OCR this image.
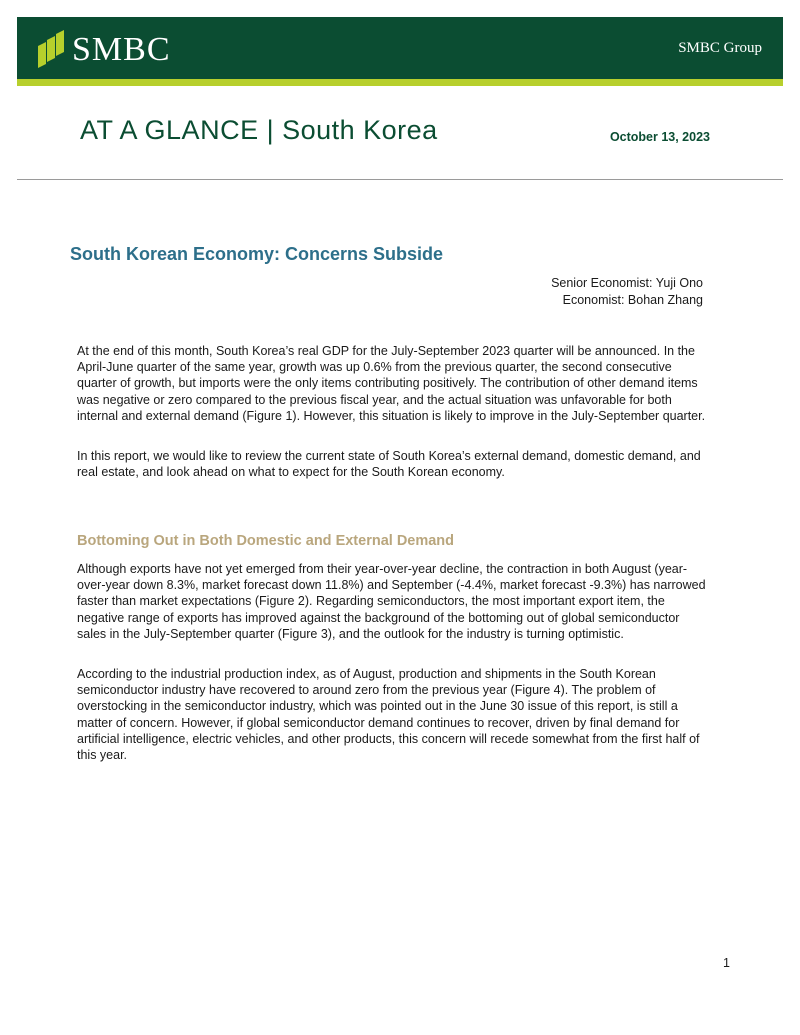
SMBC	SMBC Group
AT A GLANCE | South Korea	October 13, 2023
South Korean Economy: Concerns Subside
Senior Economist: Yuji Ono
Economist: Bohan Zhang

At the end of this month, South Korea’s real GDP for the July-September 2023 quarter will be announced. In the April-June quarter of the same year, growth was up 0.6% from the previous quarter, the second consecutive quarter of growth, but imports were the only items contributing positively. The contribution of other demand items was negative or zero compared to the previous fiscal year, and the actual situation was unfavorable for both internal and external demand (Figure 1). However, this situation is likely to improve in the July-September quarter.

In this report, we would like to review the current state of South Korea’s external demand, domestic demand, and real estate, and look ahead on what to expect for the South Korean economy.

Bottoming Out in Both Domestic and External Demand

Although exports have not yet emerged from their year-over-year decline, the contraction in both August (year-over-year down 8.3%, market forecast down 11.8%) and September (-4.4%, market forecast -9.3%) has narrowed faster than market expectations (Figure 2). Regarding semiconductors, the most important export item, the negative range of exports has improved against the background of the bottoming out of global semiconductor sales in the July-September quarter (Figure 3), and the outlook for the industry is turning optimistic.

According to the industrial production index, as of August, production and shipments in the South Korean semiconductor industry have recovered to around zero from the previous year (Figure 4). The problem of overstocking in the semiconductor industry, which was pointed out in the June 30 issue of this report, is still a matter of concern. However, if global semiconductor demand continues to recover, driven by final demand for artificial intelligence, electric vehicles, and other products, this concern will recede somewhat from the first half of this year.

1
